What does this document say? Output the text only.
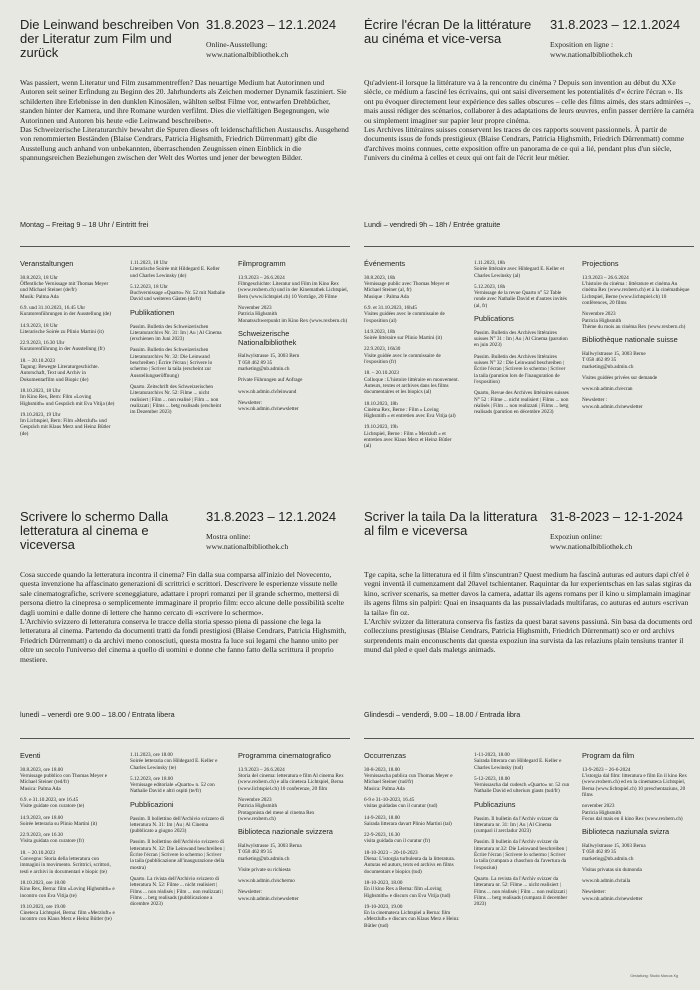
Die Leinwand beschreiben Von der Literatur zum Film und zurück
31.8.2023 – 12.1.2024
Online-Ausstellung:
www.nationalbibliothek.ch

Was passiert, wenn Literatur und Film zusammentreffen? Das neuartige Medium hat Autorinnen und Autoren seit seiner Erfindung zu Beginn des 20. Jahrhunderts als Zeichen moderner Dynamik fasziniert. Sie schilderten ihre Erlebnisse in den dunklen Kinosälen, wählten selbst Filme vor, entwarfen Drehbücher, standen hinter der Kamera, und ihre Romane wurden verfilmt. Dies die vielfältigen Begegnungen, wie Autorinnen und Autoren bis heute «die Leinwand beschreiben».

Das Schweizerische Literaturarchiv bewahrt die Spuren dieses oft leidenschaftlichen Austauschs. Ausgehend von renommierten Beständen (Blaise Cendrars, Patricia Highsmith, Friedrich Dürrenmatt) gibt die Ausstellung auch anhand von unbekannten, überraschenden Zeugnissen einen Einblick in die spannungsreichen Beziehungen zwischen der Welt des Wortes und jener der bewegten Bilder.

Montag – Freitag 9 – 18 Uhr / Eintritt frei
Veranstaltungen
30.8.2023, 18 Uhr
Öffentliche Vernissage mit Thomas Meyer und Michael Steiner (de/fr)
Musik: Palma Ada
6.9. und 31.10.2023, 16.45 Uhr
Kuratorenführungen in der Ausstellung (de)
14.9.2023, 18 Uhr
Literarische Soirée zu Plinio Martini (it)
22.9.2023, 16.30 Uhr
Kuratorenführung in der Ausstellung (fr)
18. – 20.10.2023
Tagung: Bewegte Literaturgeschichte. Autorschaft, Text und Archiv in Dokumentarfilm und Biopic (de)
18.10.2023, 18 Uhr
Im Kino Rex, Bern: Film «Loving Highsmith» und Gespräch mit Eva Vitija (de)
19.10.2023, 19 Uhr
Im Lichtspiel, Bern: Film «Merzluft» und Gespräch mit Klaus Merz und Heinz Bütler (de)
1.11.2023, 18 Uhr
Literarische Soirée mit Hildegard E. Keller und Charles Lewinsky (de)
5.12.2023, 18 Uhr
Buchvernissage «Quarto» Nr. 52 mit Nathalie David und weiteren Gästen (de/fr)
Publikationen
Passim. Bulletin des Schweizerischen Literaturarchivs Nr. 31: Im | Au | Al Cinema (erschienen im Juni 2023)
Passim. Bulletin des Schweizerischen Literaturarchivs Nr. 32: Die Leinwand beschreiben | Écrire l'écran | Scrivere lo schermo | Scriver la taila (erscheint zur Ausstellungseröffnung)
Quarto. Zeitschrift des Schweizerischen Literaturarchivs Nr. 52: Filme ... nicht realisiert | Film ... non realisé | Film ... non realizzati | Films ... betg realisads (erscheint im Dezember 2023)
Filmprogramm
13.9.2023 – 26.6.2024
Filmgeschichte: Literatur und Film im Kino Rex (www.rexbern.ch) und in der Kinemathek Lichtspiel, Bern (www.lichtspiel.ch) 10 Vorträge, 20 Filme
November 2023
Patricia Highsmith
Monatsschwerpunkt im Kino Rex (www.rexbern.ch)
Schweizerische Nationalbibliothek
Hallwylstrasse 15, 3003 Bern
T 058 462 89 35
marketing@nb.admin.ch
Private Führungen auf Anfrage
www.nb.admin.ch/leinwand
Newsletter:
www.nb.admin.ch/newsletter
Écrire l'écran De la littérature au cinéma et vice-versa
31.8.2023 – 12.1.2024
Exposition en ligne :
www.nationalbibliothek.ch

Qu'advient-il lorsque la littérature va à la rencontre du cinéma ? Depuis son invention au début du XXe siècle, ce médium a fasciné les écrivains, qui ont saisi diversement les potentialités d'« écrire l'écran ». Ils ont pu évoquer directement leur expérience des salles obscures – celle des films aimés, des stars admirées –, mais aussi rédiger des scénarios, collaborer à des adaptations de leurs œuvres, enfin passer derrière la caméra ou simplement imaginer sur papier leur propre cinéma.

Les Archives littéraires suisses conservent les traces de ces rapports souvent passionnels. À partir de documents issus de fonds prestigieux (Blaise Cendrars, Patricia Highsmith, Friedrich Dürrenmatt) comme d'archives moins connues, cette exposition offre un panorama de ce qui a lié, pendant plus d'un siècle, l'univers du cinéma à celles et ceux qui ont fait de l'écrit leur métier.

Lundi – vendredi 9h – 18h / Entrée gratuite
Événements
30.8.2023, 18h
Vernissage public avec Thomas Meyer et Michael Steiner (al, fr)
Musique : Palma Ada
6.9. et 31.10.2023, 16h45
Visites guidées avec le commissaire de l'exposition (al)
14.9.2023, 18h
Soirée littéraire sur Plinio Martini (it)
22.9.2023, 16h30
Visite guidée avec le commissaire de l'exposition (fr)
18. – 20.10.2023
Colloque : L'histoire littéraire en mouvement. Auteurs, textes et archives dans les films documentaires et les biopics (al)
18.10.2023, 18h
Cinéma Rex, Berne : Film « Loving Highsmith » et entretien avec Eva Vitija (al)
19.10.2023, 19h
Lichtspiel, Berne : Film « Merzluft » et entretien avec Klaus Merz et Heinz Bütler (al)
1.11.2023, 18h
Soirée littéraire avec Hildegard E. Keller et Charles Lewinsky (al)
5.12.2023, 18h
Vernissage de la revue Quarto n° 52 Table ronde avec Nathalie David et d'autres invités (al, fr)
Publications
Passim. Bulletin des Archives littéraires suisses N° 31 : Im | Au | Al Cinema (parution en juin 2023)
Passim. Bulletin des Archives littéraires suisses N° 32 : Die Leinwand beschreiben | Écrire l'écran | Scrivere lo schermo | Scriver la taila (parution lors de l'inauguration de l'exposition)
Quarto, Revue des Archives littéraires suisses N° 52 : Filme ... nicht realisiert | Films ... non réalisés | Film ... non realizzati | Films ... betg realisads (parution en décembre 2023)
Projections
13.9.2023 – 26.6.2024
L'histoire du cinéma : littérature et cinéma Au cinéma Rex (www.rexbern.ch) et à la cinémathèque Lichtspiel, Berne (www.lichtspiel.ch) 10 conférences, 20 films
Novembre 2023
Patricia Highsmith
Thème du mois au cinéma Rex (www.rexbern.ch)
Bibliothèque nationale suisse
Hallwylstrasse 15, 3003 Berne
T 058 462 89 35
marketing@nb.admin.ch
Visites guidées privées sur demande
www.nb.admin.ch/ecran
Newsletter :
www.nb.admin.ch/newsletter
Scrivere lo schermo Dalla letteratura al cinema e viceversa
31.8.2023 – 12.1.2024
Mostra online:
www.nationalbibliothek.ch

Cosa succede quando la letteratura incontra il cinema? Fin dalla sua comparsa all'inizio del Novecento, questa invenzione ha affascinato generazioni di scrittrici e scrittori. Descrivere le esperienze vissute nelle sale cinematografiche, scrivere sceneggiature, adattare i propri romanzi per il grande schermo, mettersi di persona dietro la cinepresa o semplicemente immaginare il proprio film: ecco alcune delle possibilità scelte dagli uomini e dalle donne di lettere che hanno cercato di «scrivere lo schermo».

L'Archivio svizzero di letteratura conserva le tracce della storia spesso piena di passione che lega la letteratura al cinema. Partendo da documenti tratti da fondi prestigiosi (Blaise Cendrars, Patricia Highsmith, Friedrich Dürrenmatt) o da archivi meno conosciuti, questa mostra fa luce sui legami che hanno unito per oltre un secolo l'universo del cinema a quello di uomini e donne che fanno fatto della scrittura il proprio mestiere.

lunedì – venerdì ore 9.00 – 18.00 / Entrata libera
Eventi
30.8.2023, ore 18.00
Vernissage pubblico con Thomas Meyer e Michael Steiner (ted/fr)
Musica: Palma Ada
6.9. e 31.10.2023, ore 16.45
Visite guidate con curatore (te)
14.9.2023, ore 18.00
Soirée letteraria su Plinio Martini (it)
22.9.2023, ore 16.30
Visita guidata con curatore (fr)
18. – 20.10.2023
Convegno: Storia della letteratura con immagini in movimento. Scrittrici, scrittori, testi e archivi in documentari e biopic (te)
18.10.2023, ore 18.00
Kino Rex, Berna: film «Loving Highsmith» e incontro con Eva Vitija (te)
19.10.2023, ore 19.00
Cineteca Lichtspiel, Berna: film «Merzluft» e incontro con Klaus Merz e Heinz Bütler (te)
1.11.2023, ore 18.00
Soirée letteraria con Hildegard E. Keller e Charles Lewinsky (te)
5.12.2023, ore 18.00
Vernissage editoriale «Quarto» n. 52 con Nathalie David e altri ospiti (te/fr)
Pubblicazioni
Passim. Il bollettino dell'Archivio svizzero di letteratura N. 31: Im | Au | Al Cinema (pubblicato a giugno 2023)
Passim. Il bollettino dell'Archivio svizzero di letteratura N. 32: Die Leinwand beschreiben | Écrire l'écran | Scrivere lo schermo | Scriver la taila (pubblicazione all'inaugurazione della mostra)
Quarto. La rivista dell'Archivio svizzero di letteratura N. 52: Filme ... nicht realisiert | Films ... non réalisés | Film ... non realizzati | Films ... betg realisads (pubblicazione a dicembre 2023)
Programma cinematografico
13.9.2023 – 26.6.2024
Storia del cinema: letteratura e film Al cinema Rex (www.rexbern.ch) e alla cineteca Lichtspiel, Berna (www.lichtspiel.ch) 10 conferenze, 20 film
Novembre 2023
Patricia Highsmith
Protagonista del mese al cinema Rex (www.rexbern.ch)
Biblioteca nazionale svizzera
Hallwylstrasse 15, 3003 Berna
T 058 462 89 35
marketing@nb.admin.ch
Visite private su richiesta
www.nb.admin.ch/schermo
Newsletter:
www.nb.admin.ch/newsletter
Scriver la taila Da la litteratura al film e viceversa
31-8-2023 – 12-1-2024
Expoziun online:
www.nationalbibliothek.ch

Tge capita, sche la litteratura ed il film s'inscuntran? Quest medium ha fascinà auturas ed auturs dapi ch'el è vegni inventà il cumenzament dal 20avel tschientaner. Raquintar da lur experientschas en las salas stgiras da kino, scriver scenaris, sa metter davos la camera, adattar ils agens romans per il kino u simplamain imaginar ils agens films sin palpiri: Quai en insaquants da las pussaivladads multifaras, co auturas ed auturs «scrivan la taila» fin oz.

L'Archiv svizzer da litteratura conserva fis fastizs da quest barat savens passiunà. Sin basa da documents ord collecziuns prestigiusas (Blaise Cendrars, Patricia Highsmith, Friedrich Dürrenmatt) sco er ord archivs surprendents main enconuschents dat questa expoziun ina survista da las relaziuns plain tensiuns tranter il mund dal pled e quel dals maletgs animads.

Glindesdi – venderdi, 9.00 – 18.00 / Entrada libra
Occurrenzas
30-8-2023, 18.00
Vernissascha publica cun Thomas Meyer e Michael Steiner (tud/fr)
Musica: Palma Ada
6-9 e 31-10-2023, 16.45
visitas guidadas cun il curatur (tud)
14-9-2023, 18.00
Sairada litterara davart Plinio Martini (tal)
22-9-2023, 16.30
visita guidada cun il curatur (fr)
18-10-2023 – 20-10-2023
Diena: L'istorgia turbulenta da la litteratura. Auturas ed auturs, texts ed archivs en films documentars e biopics (tud)
18-10-2023, 18.00
En il kino Rex a Berna: film «Loving Highsmith» e discurs cun Eva Vitija (tud)
19-10-2023, 19.00
En la cinemateca Lichtspiel a Berna: film «Merzluft» e discurs cun Klaus Merz e Heinz Bütler (tud)
1-11-2023, 18.00
Sairada litterara cun Hildegard E. Keller e Charles Lewinsky (tud)
5-12-2023, 18.00
Vernissascha dal cudesch «Quarto» nr. 52 cun Nathalie David ed ulteriurs giasts (tud/fr)
Publicaziuns
Passim. Il bulletin da l'Archiv svizzer da litteratura nr. 31: Im | Au | Al Cinema (cumparì il zercladur 2023)
Passim. Il bulletin da l'Archiv svizzer da litteratura nr.32: Die Leinwand beschreiben | Écrire l'écran | Scrivere lo schermo | Scriver la taila (cumpara a chaschun da l'avertura da l'expoziun)
Quarto. La revista da l'Archiv svizzer da litteratura nr. 52: Filme ... nicht realisiert | Films ... non réalisés | Film ... non realizzati | Films ... betg realisads (cumpara il december 2023)
Program da film
13-9-2023 – 26-6-2024
L'istorgia dal film: litteratura e film En il kino Rex (www.rexbern.ch) ed en la cinemateca Lichtspiel, Berna (www.lichtspiel.ch) 10 preschentaziuns, 20 films
november 2023
Patricia Highsmith
Focus dal mais en il kino Rex (www.rexbern.ch)
Biblioteca naziunala svizra
Hallwylstrasse 15, 3003 Berna
T 058 462 89 35
marketing@nb.admin.ch
Visitas privatas sin dumonda
www.nb.admin.ch/taila
Newsletter:
www.nb.admin.ch/newsletter
Gestaltung: Studio Marcus Kg
